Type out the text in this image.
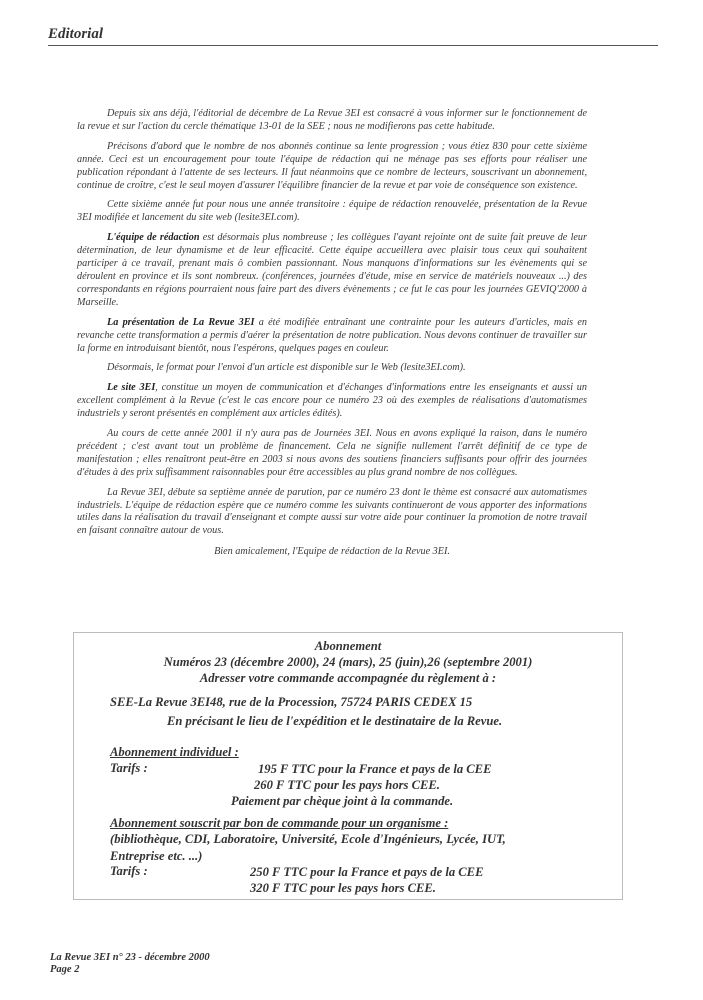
Editorial

Depuis six ans déjà, l'éditorial de décembre de La Revue 3EI est consacré à vous informer sur le fonctionnement de la revue et sur l'action du cercle thématique 13-01 de la SEE ; nous ne modifierons pas cette habitude.

Précisons d'abord que le nombre de nos abonnés continue sa lente progression ; vous étiez 830 pour cette sixième année. Ceci est un encouragement pour toute l'équipe de rédaction qui ne ménage pas ses efforts pour réaliser une publication répondant à l'attente de ses lecteurs. Il faut néanmoins que ce nombre de lecteurs, souscrivant un abonnement, continue de croître, c'est le seul moyen d'assurer l'équilibre financier de la revue et par voie de conséquence son existence.

Cette sixième année fut pour nous une année transitoire : équipe de rédaction renouvelée, présentation de la Revue 3EI modifiée et lancement du site web (lesite3EI.com).

L'équipe de rédaction est désormais plus nombreuse ; les collègues l'ayant rejointe ont de suite fait preuve de leur détermination, de leur dynamisme et de leur efficacité. Cette équipe accueillera avec plaisir tous ceux qui souhaitent participer à ce travail, prenant mais ô combien passionnant. Nous manquons d'informations sur les évènements qui se déroulent en province et ils sont nombreux. (conférences, journées d'étude, mise en service de matériels nouveaux ...) des correspondants en régions pourraient nous faire part des divers évènements ; ce fut le cas pour les journées GEVIQ'2000 à Marseille.

La présentation de La Revue 3EI a été modifiée entraînant une contrainte pour les auteurs d'articles, mais en revanche cette transformation a permis d'aérer la présentation de notre publication. Nous devons continuer de travailler sur la forme en introduisant bientôt, nous l'espérons, quelques pages en couleur.

Désormais, le format pour l'envoi d'un article est disponible sur le Web (lesite3EI.com).

Le site 3EI, constitue un moyen de communication et d'échanges d'informations entre les enseignants et aussi un excellent complément à la Revue (c'est le cas encore pour ce numéro 23 où des exemples de réalisations d'automatismes industriels y seront présentés en complément aux articles édités).

Au cours de cette année 2001 il n'y aura pas de Journées 3EI. Nous en avons expliqué la raison, dans le numéro précédent ; c'est avant tout un problème de financement. Cela ne signifie nullement l'arrêt définitif de ce type de manifestation ; elles renaîtront peut-être en 2003 si nous avons des soutiens financiers suffisants pour offrir des journées d'études à des prix suffisamment raisonnables pour être accessibles au plus grand nombre de nos collègues.

La Revue 3EI, débute sa septième année de parution, par ce numéro 23 dont le thème est consacré aux automatismes industriels. L'équipe de rédaction espère que ce numéro comme les suivants continueront de vous apporter des informations utiles dans la réalisation du travail d'enseignant et compte aussi sur votre aide pour continuer la promotion de notre travail en faisant connaître autour de vous.

Bien amicalement, l'Equipe de rédaction de la Revue 3EI.

Abonnement
Numéros 23 (décembre 2000), 24 (mars), 25 (juin),26 (septembre 2001)
Adresser votre commande accompagnée du règlement à :
SEE-La Revue 3EI48, rue de la Procession, 75724 PARIS CEDEX 15
En précisant le lieu de l'expédition et le destinataire de la Revue.
Abonnement individuel :
Tarifs :	195 F TTC pour la France et pays de la CEE
260 F TTC pour les pays hors CEE.
Paiement par chèque joint à la commande.
Abonnement souscrit par bon de commande pour un organisme :
(bibliothèque, CDI, Laboratoire, Université, Ecole d'Ingénieurs, Lycée, IUT,
Entreprise etc. ...)
Tarifs :	250 F TTC pour la France et pays de la CEE
320 F TTC pour les pays hors CEE.
La Revue 3EI n° 23 - décembre 2000
Page 2
